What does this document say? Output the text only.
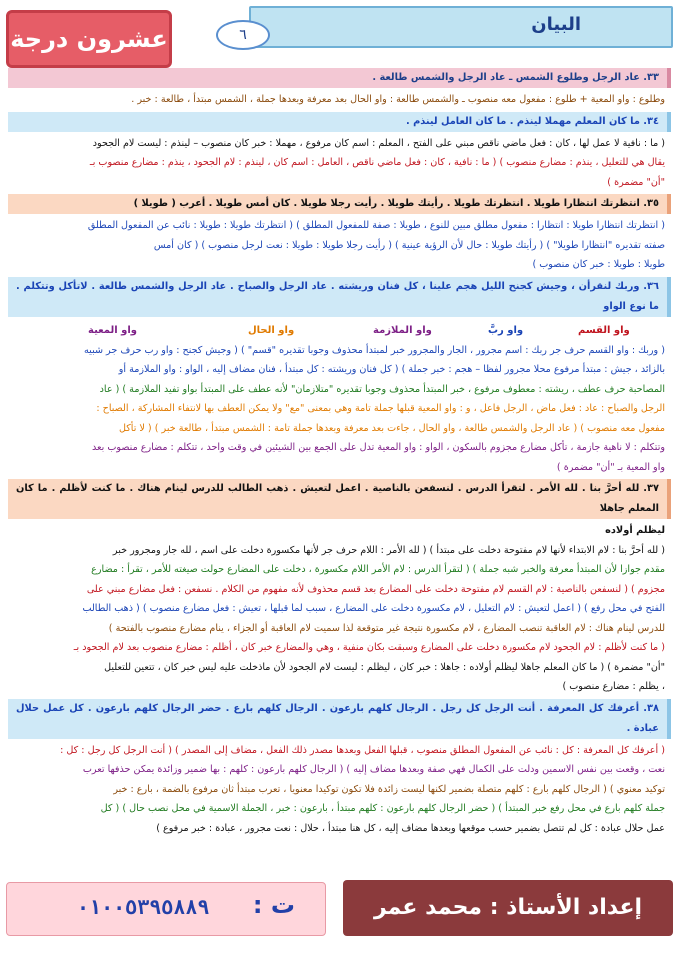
البيان
٦
عشرون درجة
٣٣. عاد الرجل وطلوع الشمس ـ عاد الرجل والشمس طالعة .
وطلوع : واو المعية + طلوع : مفعول معه منصوب ـ والشمس طالعة : واو الحال بعد معرفة وبعدها جملة ، الشمس مبتدأ ، طالعة : خبر .
٣٤. ما كان المعلم مهملا لينذم . ما كان العامل لينذم .
( ما : نافية لا عمل لها ، كان : فعل ماضي ناقص مبني على الفتح ، المعلم : اسم كان مرفوع ، مهملا : خبر كان منصوب – لينذم : ليست لام الجحود
يقال هي للتعليل ، ينذم : مضارع منصوب ) ( ما : نافية ، كان : فعل ماضي ناقص ، العامل : اسم كان ، لينذم : لام الجحود ، ينذم : مضارع منصوب بـ
"أن" مضمرة )
٣٥. انتظرتك انتظارا طويلا . انتظرتك طويلا . رأيتك طويلا . رأيت رجلا طويلا . كان أمس طويلا . أعرب ( طويلا )
( انتظرتك انتظارا طويلا : انتظارا : مفعول مطلق مبين للنوع ، طويلا : صفة للمفعول المطلق ) ( انتظرتك طويلا : طويلا : نائب عن المفعول المطلق
صفته تقديره "انتظارا طويلا" ) ( رأيتك طويلا : حال لأن الرؤية عينية ) ( رأيت رجلا طويلا : طويلا : نعت لرجل منصوب ) ( كان أمس
طويلا : طويلا : خبر كان منصوب )
٣٦. وربك لنقرأن ، وجيش كجنح الليل هجم علينا ، كل فنان وريشته . عاد الرجل والصباح . عاد الرجل والشمس طالعة . لاتأكل وتتكلم . ما نوع الواو
واو المعية	واو الحال	واو الملازمة	واو ربَّ	واو القسم
( وربك : واو القسم حرف جر ربك : اسم مجرور ، الجار والمجرور خبر لمبتدأ محذوف وجوبا تقديره "قسم" ) ( وجيش كجنح : واو رب حرف جر شبيه
بالزائد ، جيش : مبتدأ مرفوع محلا مجرور لفظا – هجم : خبر جملة ) ( كل فنان وريشته : كل مبتدأ ، فنان مضاف إليه ، الواو : واو الملازمة أو
المصاحبة حرف عطف ، ريشته : معطوف مرفوع ، خبر المبتدأ محذوف وجوبا تقديره "متلازمان" لأنه عطف على المبتدأ بواو تفيد الملازمة ) ( عاد
الرجل والصباح : عاد : فعل ماض ، الرجل فاعل ، و : واو المعية قبلها جملة تامة وهي بمعنى "مع" ولا يمكن العطف بها لانتفاء المشاركة ، الصباح :
مفعول معه منصوب ) ( عاد الرجل والشمس طالعة ، واو الحال ، جاءت بعد معرفة وبعدها جملة تامة : الشمس مبتدأ ، طالعة خبر ) ( لا تأكل
وتتكلم : لا ناهية جازمة ، تأكل مضارع مجزوم بالسكون ، الواو : واو المعية تدل على الجمع بين الشيئين في وقت واحد ، تتكلم : مضارع منصوب بعد
واو المعية بـ "أن" مضمرة )
٣٧. لله أحرَّ بنا . لله الأمر . لتقرأ الدرس . لنسفعن بالناصية . اعمل لتعيش . ذهب الطالب للدرس لينام هناك . ما كنت لأظلم . ما كان المعلم جاهلا
ليظلم أولاده
( لله أحرَّ بنا : لام الابتداء لأنها لام مفتوحة دخلت على مبتدأ ) ( لله الأمر : اللام حرف جر لأنها مكسورة دخلت على اسم ، لله جار ومجرور خبر
مقدم جوازا لأن المبتدأ معرفة والخبر شبه جملة ) ( لتقرأ الدرس : لام الأمر اللام مكسورة ، دخلت على المضارع حولت صيغته للأمر ، تقرأ : مضارع
مجزوم ) ( لنسفعن بالناصية : لام القسم لام مفتوحة دخلت على المضارع بعد قسم محذوف لأنه مفهوم من الكلام . نسفعن : فعل مضارع مبني على
الفتح في محل رفع ) ( اعمل لتعيش : لام التعليل ، لام مكسورة دخلت على المضارع ، سبب لما قبلها ، تعيش : فعل مضارع منصوب ) ( ذهب الطالب
للدرس لينام هناك : لام العاقبة تنصب المضارع ، لام مكسورة نتيجة غير متوقعة لذا سميت لام العاقبة أو الجزاء ، ينام مضارع منصوب بالفتحة )
( ما كنت لأظلم : لام الجحود لام مكسورة دخلت على المضارع وسبقت بكان منفية ، وهي والمضارع خبر كان ، أظلم : مضارع منصوب بعد لام الجحود بـ
"أن" مضمرة ) ( ما كان المعلم جاهلا ليظلم أولاده : جاهلا : خبر كان ، ليظلم : ليست لام الجحود لأن ماذخلت عليه ليس خبر كان ، تتعين للتعليل
، يظلم : مضارع منصوب )
٣٨. أعرفك كل المعرفة . أنت الرجل كل رجل . الرجال كلهم بارعون . الرجال كلهم بارع . حضر الرجال كلهم بارعون . كل عمل حلال عبادة .
( أعرفك كل المعرفة : كل : نائب عن المفعول المطلق منصوب ، قبلها الفعل وبعدها مصدر ذلك الفعل ، مضاف إلى المصدر ) ( أنت الرجل كل رجل : كل :
نعت ، وقعت بين نفس الاسمين ودلت على الكمال فهي صفة وبعدها مضاف إليه ) ( الرجال كلهم بارعون : كلهم : بها ضمير وزائدة يمكن حذفها تعرب
توكيد معنوي ) ( الرجال كلهم بارع : كلهم متصلة بضمير لكنها ليست زائدة فلا تكون توكيدا معنويا ، تعرب مبتدأ ثان مرفوع بالضمة ، بارع : خبر
جملة كلهم بارع في محل رفع خبر المبتدأ ) ( حضر الرجال كلهم بارعون : كلهم مبتدأ ، بارعون : خبر ، الجملة الاسمية في محل نصب حال ) ( كل
عمل حلال عبادة : كل لم تتصل بضمير حسب موقعها وبعدها مضاف إليه ، كل هنا مبتدأ ، حلال : نعت مجرور ، عبادة : خبر مرفوع )
إعداد الأستاذ : محمد عمر
ت :
٠١٠٠٥٣٩٥٨٨٩
